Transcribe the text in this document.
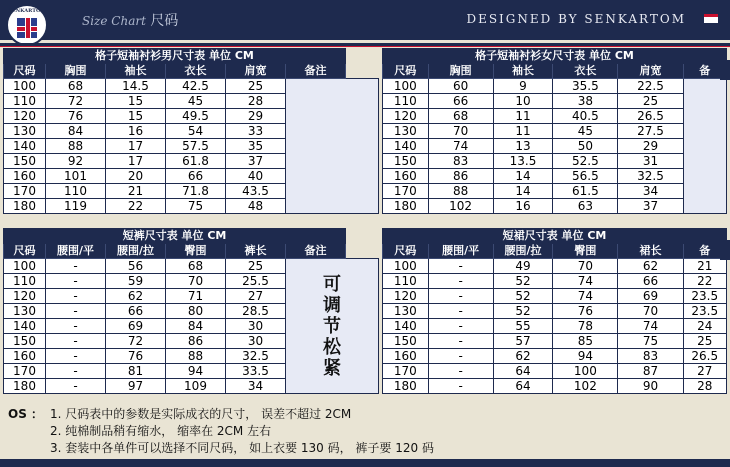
SENKARTOM
Size Chart 尺码	DESIGNED BY SENKARTOM
格子短袖衬衫男尺寸表 单位 CM					
尺码	胸围	袖长	衣长	肩宽	备注
100	68	14.5	42.5	25	
110	72	15	45	28	
120	76	15	49.5	29	
130	84	16	54	33	
140	88	17	57.5	35	
150	92	17	61.8	37	
160	101	20	66	40	
170	110	21	71.8	43.5	
180	119	22	75	48	
格子短袖衬衫女尺寸表 单位 CM					
尺码	胸围	袖长	衣长	肩宽	备
100	60	9	35.5	22.5	
110	66	10	38	25	
120	68	11	40.5	26.5	
130	70	11	45	27.5	
140	74	13	50	29	
150	83	13.5	52.5	31	
160	86	14	56.5	32.5	
170	88	14	61.5	34	
180	102	16	63	37	
短裤尺寸表 单位 CM					
尺码	腰围/平	腰围/拉	臀围	裤长	备注
100	-	56	68	25	可调节松紧

110	-	59	70	25.5	
120	-	62	71	27	
130	-	66	80	28.5	
140	-	69	84	30	
150	-	72	86	30	
160	-	76	88	32.5	
170	-	81	94	33.5	
180	-	97	109	34	
短裙尺寸表 单位 CM					
尺码	腰围/平	腰围/拉	臀围	裙长	备
100	-	49	70	62	21
110	-	52	74	66	22
120	-	52	74	69	23.5
130	-	52	76	70	23.5
140	-	55	78	74	24
150	-	57	85	75	25
160	-	62	94	83	26.5
170	-	64	100	87	27
180	-	64	102	90	28
OS ： 1. 尺码表中的参数是实际成衣的尺寸， 误差不超过 2CM
2. 纯棉制品稍有缩水， 缩率在 2CM 左右
3. 套装中各单件可以选择不同尺码， 如上衣要 130 码， 裤子要 120 码
